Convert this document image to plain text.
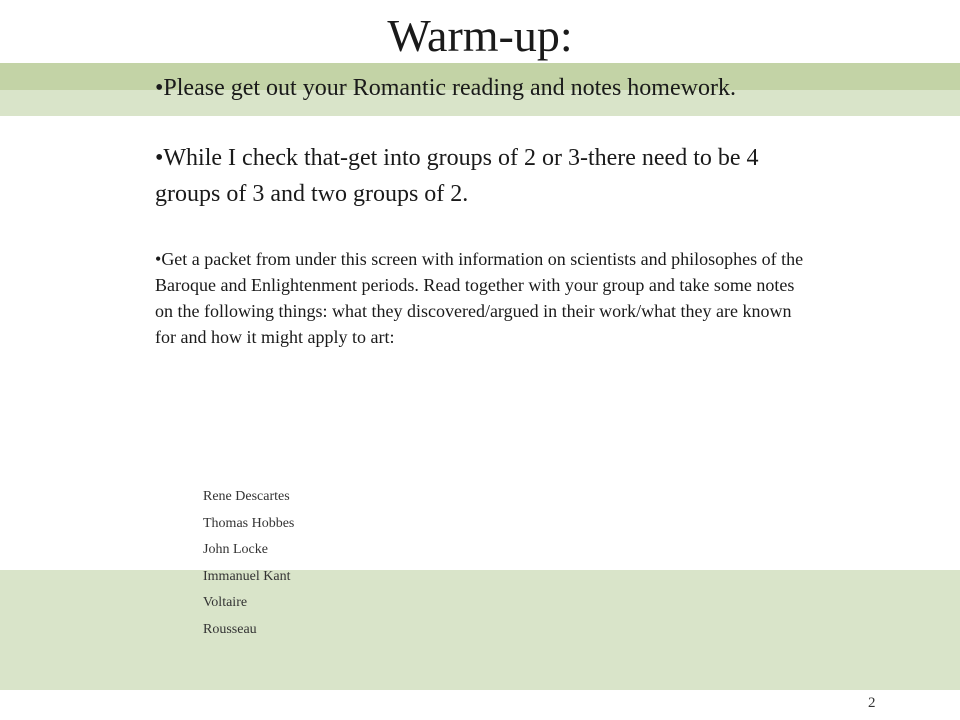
Warm-up:

•Please get out your Romantic reading and notes homework.

•While I check that-get into groups of 2 or 3-there need to be 4 groups of 3 and two groups of 2.

•Get a packet from under this screen with information on scientists and philosophes of the Baroque and Enlightenment periods. Read together with your group and take some notes on the following things: what they discovered/argued in their work/what they are known for and how it might apply to art:

Rene Descartes
Thomas Hobbes
John Locke
Immanuel Kant
Voltaire
Rousseau
2
